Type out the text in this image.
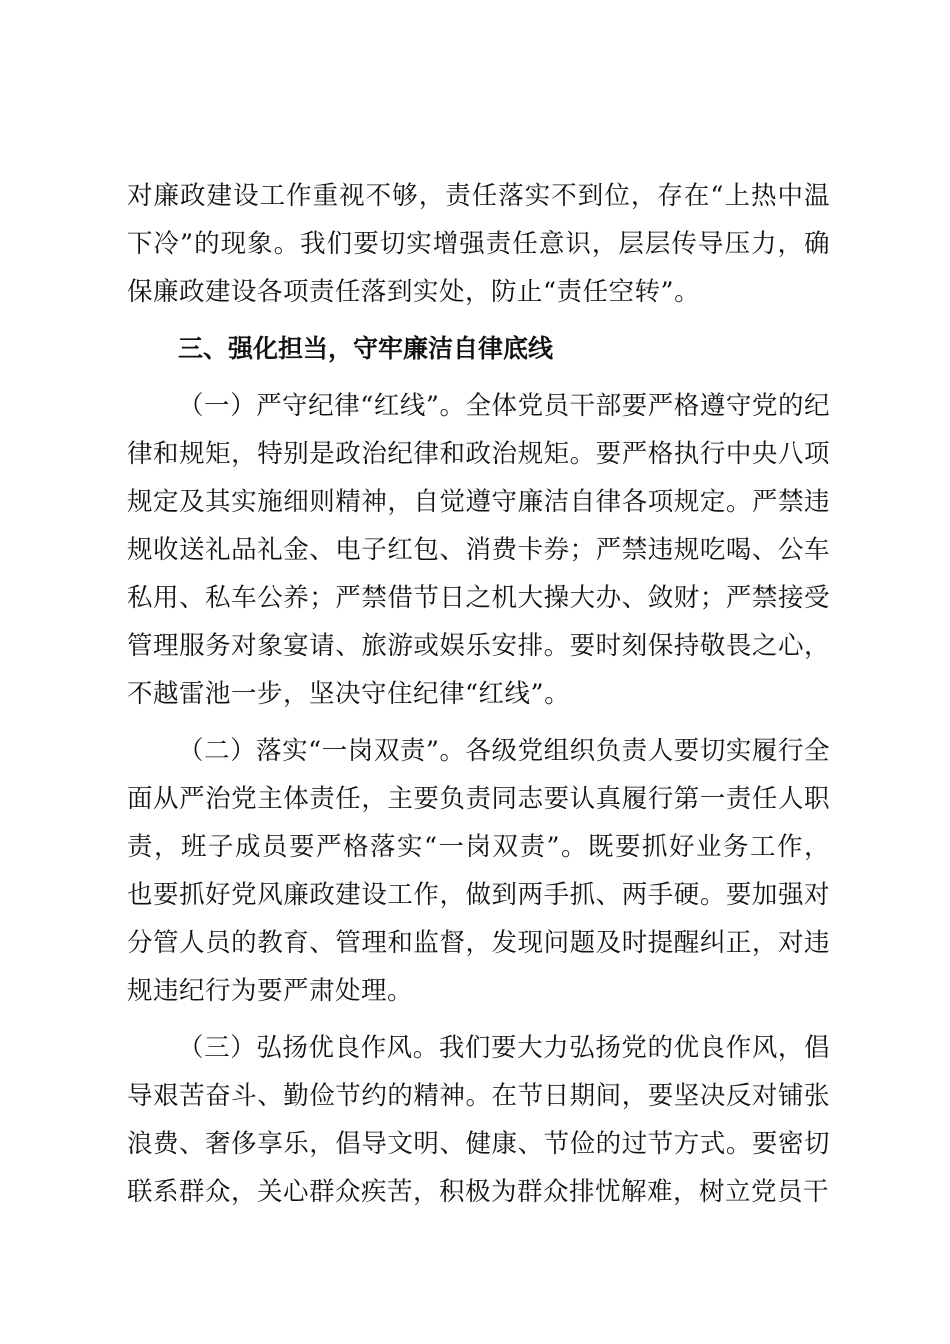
对廉政建设工作重视不够，责任落实不到位，存在“上热中温下冷”的现象。我们要切实增强责任意识，层层传导压力，确保廉政建设各项责任落到实处，防止“责任空转”。

三、强化担当，守牢廉洁自律底线

（一）严守纪律“红线”。全体党员干部要严格遵守党的纪律和规矩，特别是政治纪律和政治规矩。要严格执行中央八项规定及其实施细则精神，自觉遵守廉洁自律各项规定。严禁违规收送礼品礼金、电子红包、消费卡券；严禁违规吃喝、公车私用、私车公养；严禁借节日之机大操大办、敛财；严禁接受管理服务对象宴请、旅游或娱乐安排。要时刻保持敬畏之心，不越雷池一步，坚决守住纪律“红线”。

（二）落实“一岗双责”。各级党组织负责人要切实履行全面从严治党主体责任，主要负责同志要认真履行第一责任人职责，班子成员要严格落实“一岗双责”。既要抓好业务工作，也要抓好党风廉政建设工作，做到两手抓、两手硬。要加强对分管人员的教育、管理和监督，发现问题及时提醒纠正，对违规违纪行为要严肃处理。

（三）弘扬优良作风。我们要大力弘扬党的优良作风，倡导艰苦奋斗、勤俭节约的精神。在节日期间，要坚决反对铺张浪费、奢侈享乐，倡导文明、健康、节俭的过节方式。要密切联系群众，关心群众疾苦，积极为群众排忧解难，树立党员干
